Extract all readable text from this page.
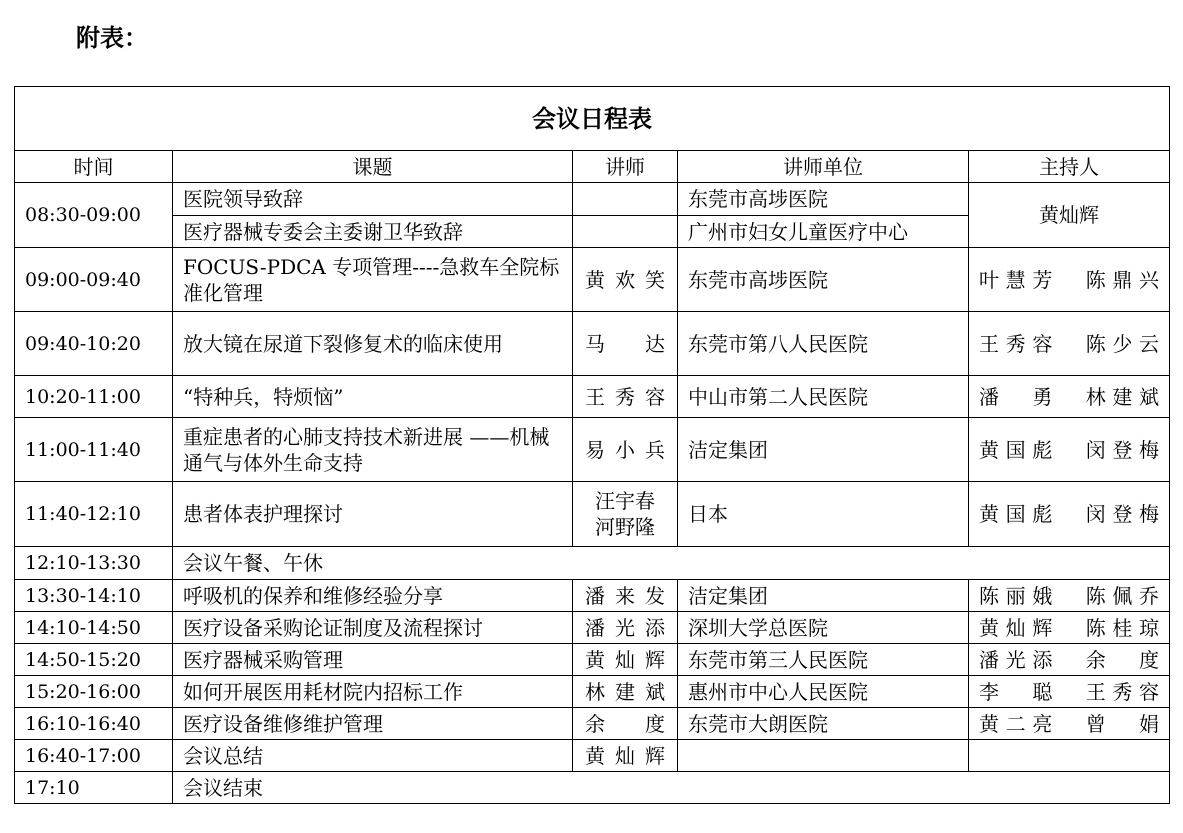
附表：
会议日程表				
时间	课题	讲师	讲师单位	主持人
08:30-09:00	医院领导致辞		东莞市高埗医院	黄灿辉
	医疗器械专委会主委谢卫华致辞		广州市妇女儿童医疗中心	
09:00-09:40	FOCUS-PDCA 专项管理----急救车全院标准化管理	黄欢笑	东莞市高埗医院	叶慧芳　陈鼎兴
09:40-10:20	放大镜在尿道下裂修复术的临床使用	马　达	东莞市第八人民医院	王秀容　陈少云
10:20-11:00	“特种兵，特烦恼”	王秀容	中山市第二人民医院	潘　勇　林建斌
11:00-11:40	重症患者的心肺支持技术新进展 ——机械通气与体外生命支持	易小兵	洁定集团	黄国彪　闵登梅
11:40-12:10	患者体表护理探讨	汪宇春 河野隆	日本	黄国彪　闵登梅
12:10-13:30	会议午餐、午休			
13:30-14:10	呼吸机的保养和维修经验分享	潘来发	洁定集团	陈丽娥　陈佩乔
14:10-14:50	医疗设备采购论证制度及流程探讨	潘光添	深圳大学总医院	黄灿辉　陈桂琼
14:50-15:20	医疗器械采购管理	黄灿辉	东莞市第三人民医院	潘光添　余　度
15:20-16:00	如何开展医用耗材院内招标工作	林建斌	惠州市中心人民医院	李　聪　王秀容
16:10-16:40	医疗设备维修维护管理	余　度	东莞市大朗医院	黄二亮　曾　娟
16:40-17:00	会议总结	黄灿辉		
17:10	会议结束			
